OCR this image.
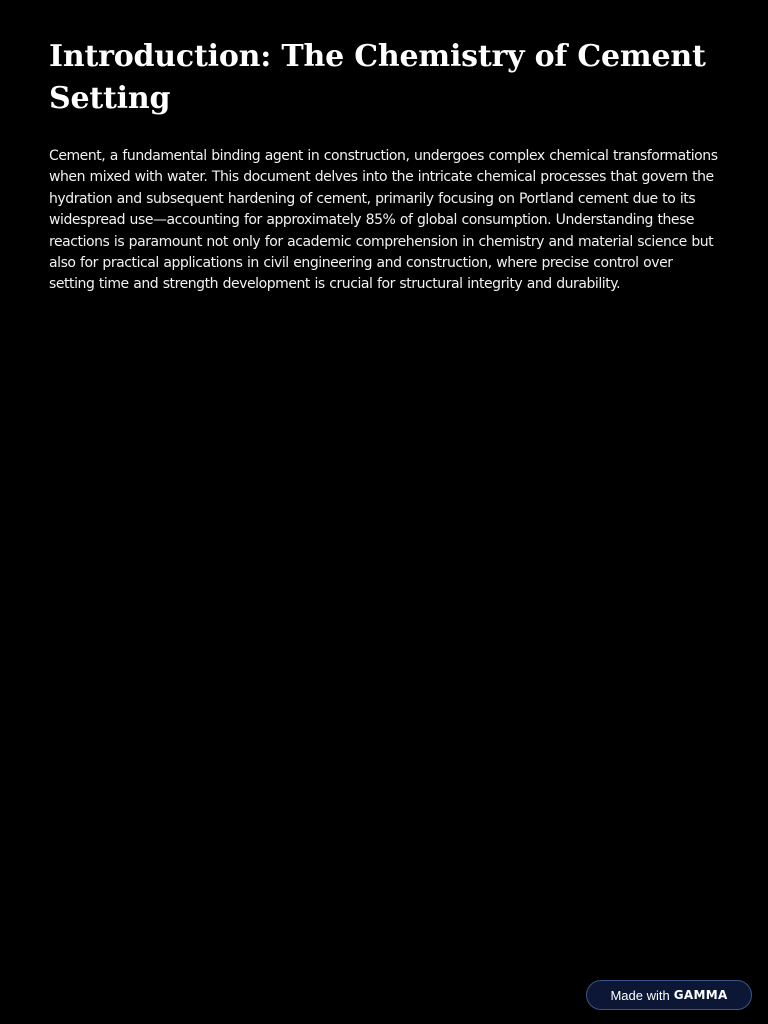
Introduction: The Chemistry of Cement Setting

Cement, a fundamental binding agent in construction, undergoes complex chemical transformations when mixed with water. This document delves into the intricate chemical processes that govern the hydration and subsequent hardening of cement, primarily focusing on Portland cement due to its widespread use—accounting for approximately 85% of global consumption. Understanding these reactions is paramount not only for academic comprehension in chemistry and material science but also for practical applications in civil engineering and construction, where precise control over setting time and strength development is crucial for structural integrity and durability.

Made with GAMMA
